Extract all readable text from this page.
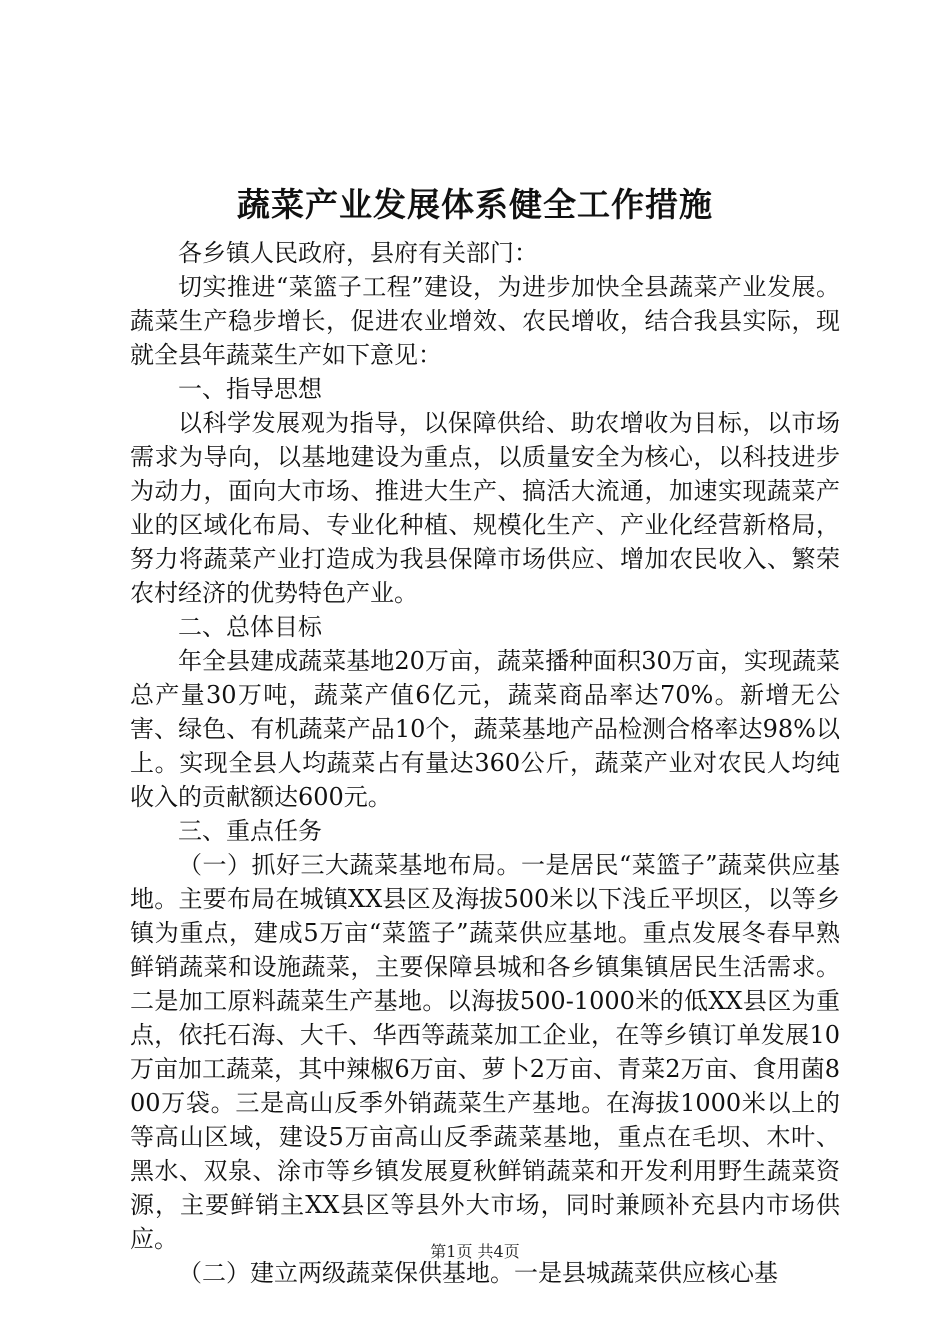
蔬菜产业发展体系健全工作措施

各乡镇人民政府，县府有关部门：

切实推进“菜篮子工程”建设，为进步加快全县蔬菜产业发展。蔬菜生产稳步增长，促进农业增效、农民增收，结合我县实际，现就全县年蔬菜生产如下意见：

一、指导思想

以科学发展观为指导，以保障供给、助农增收为目标，以市场需求为导向，以基地建设为重点，以质量安全为核心，以科技进步为动力，面向大市场、推进大生产、搞活大流通，加速实现蔬菜产业的区域化布局、专业化种植、规模化生产、产业化经营新格局，努力将蔬菜产业打造成为我县保障市场供应、增加农民收入、繁荣农村经济的优势特色产业。

二、总体目标

年全县建成蔬菜基地20万亩，蔬菜播种面积30万亩，实现蔬菜总产量30万吨，蔬菜产值6亿元，蔬菜商品率达70%。新增无公害、绿色、有机蔬菜产品10个，蔬菜基地产品检测合格率达98%以上。实现全县人均蔬菜占有量达360公斤，蔬菜产业对农民人均纯收入的贡献额达600元。

三、重点任务

（一）抓好三大蔬菜基地布局。一是居民“菜篮子”蔬菜供应基地。主要布局在城镇XX县区及海拔500米以下浅丘平坝区，以等乡镇为重点，建成5万亩“菜篮子”蔬菜供应基地。重点发展冬春早熟鲜销蔬菜和设施蔬菜，主要保障县城和各乡镇集镇居民生活需求。二是加工原料蔬菜生产基地。以海拔500-1000米的低XX县区为重点，依托石海、大千、华西等蔬菜加工企业，在等乡镇订单发展10万亩加工蔬菜，其中辣椒6万亩、萝卜2万亩、青菜2万亩、食用菌800万袋。三是高山反季外销蔬菜生产基地。在海拔1000米以上的等高山区域，建设5万亩高山反季蔬菜基地，重点在毛坝、木叶、黑水、双泉、涂市等乡镇发展夏秋鲜销蔬菜和开发利用野生蔬菜资源，主要鲜销主XX县区等县外大市场，同时兼顾补充县内市场供应。

（二）建立两级蔬菜保供基地。一是县城蔬菜供应核心基

第1页 共4页
